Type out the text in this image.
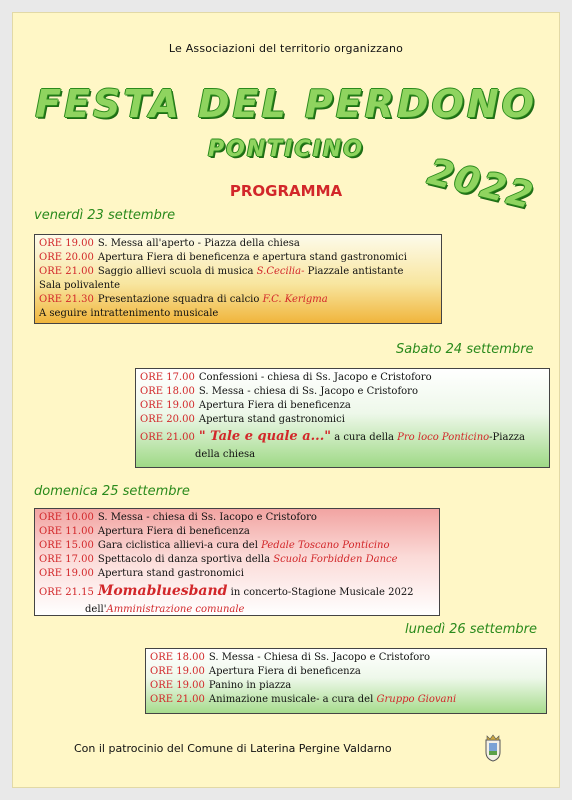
Le Associazioni del territorio organizzano
FESTA DEL PERDONO
PONTICINO
2022
PROGRAMMA
venerdì 23 settembre
ORE 19.00 S. Messa all'aperto - Piazza della chiesa
ORE 20.00 Apertura Fiera di beneficenza e apertura stand gastronomici
ORE 21.00 Saggio allievi scuola di musica S.Cecilia- Piazzale antistante
Sala polivalente
ORE 21.30 Presentazione squadra di calcio F.C. Kerigma
A seguire intrattenimento musicale
Sabato 24 settembre
ORE 17.00 Confessioni - chiesa di Ss. Jacopo e Cristoforo
ORE 18.00 S. Messa - chiesa di Ss. Jacopo e Cristoforo
ORE 19.00 Apertura Fiera di beneficenza
ORE 20.00 Apertura stand gastronomici
ORE 21.00 " Tale e quale a..." a cura della Pro loco Ponticino-Piazza
della chiesa
domenica 25 settembre
ORE 10.00 S. Messa - chiesa di Ss. Iacopo e Cristoforo
ORE 11.00 Apertura Fiera di beneficenza
ORE 15.00 Gara ciclistica allievi-a cura del Pedale Toscano Ponticino
ORE 17.00 Spettacolo di danza sportiva della Scuola Forbidden Dance
ORE 19.00 Apertura stand gastronomici
ORE 21.15 Momabluesband in concerto-Stagione Musicale 2022
dell'Amministrazione comunale
lunedì 26 settembre
ORE 18.00 S. Messa - Chiesa di Ss. Jacopo e Cristoforo
ORE 19.00 Apertura Fiera di beneficenza
ORE 19.00 Panino in piazza
ORE 21.00 Animazione musicale- a cura del Gruppo Giovani
Con il patrocinio del Comune di Laterina Pergine Valdarno
